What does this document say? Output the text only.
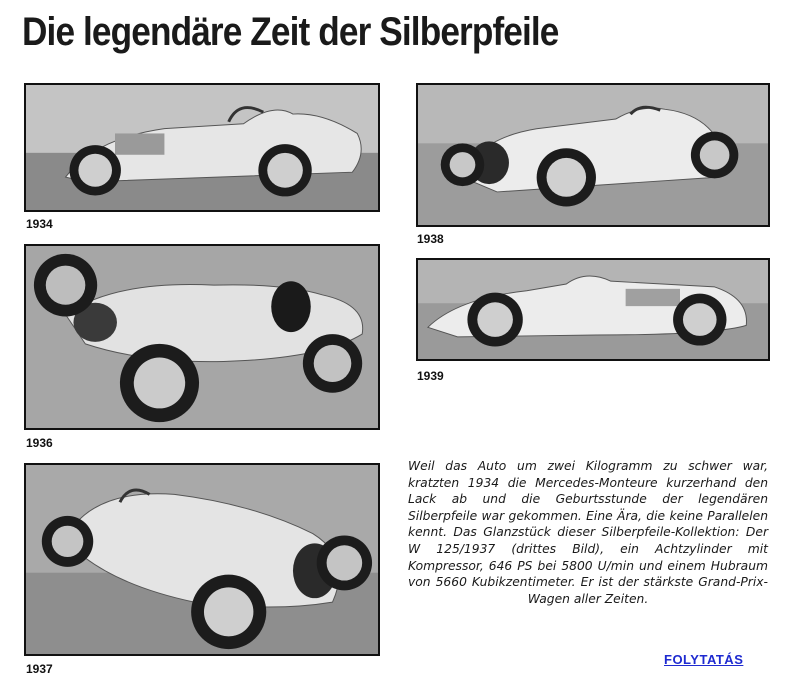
Die legendäre Zeit der Silberpfeile
1934
1938
1936
1939
1937

Weil das Auto um zwei Kilogramm zu schwer war, kratzten 1934 die Mercedes-Monteure kurzerhand den Lack ab und die Geburtsstunde der legendären Silberpfeile war gekommen. Eine Ära, die keine Parallelen kennt. Das Glanzstück dieser Silberpfeile-Kollektion: Der W 125/1937 (drittes Bild), ein Achtzylinder mit Kompressor, 646 PS bei 5800 U/min und einem Hubraum von 5660 Kubikzentimeter. Er ist der stärkste Grand-Prix-Wagen aller Zeiten.

FOLYTATÁS
